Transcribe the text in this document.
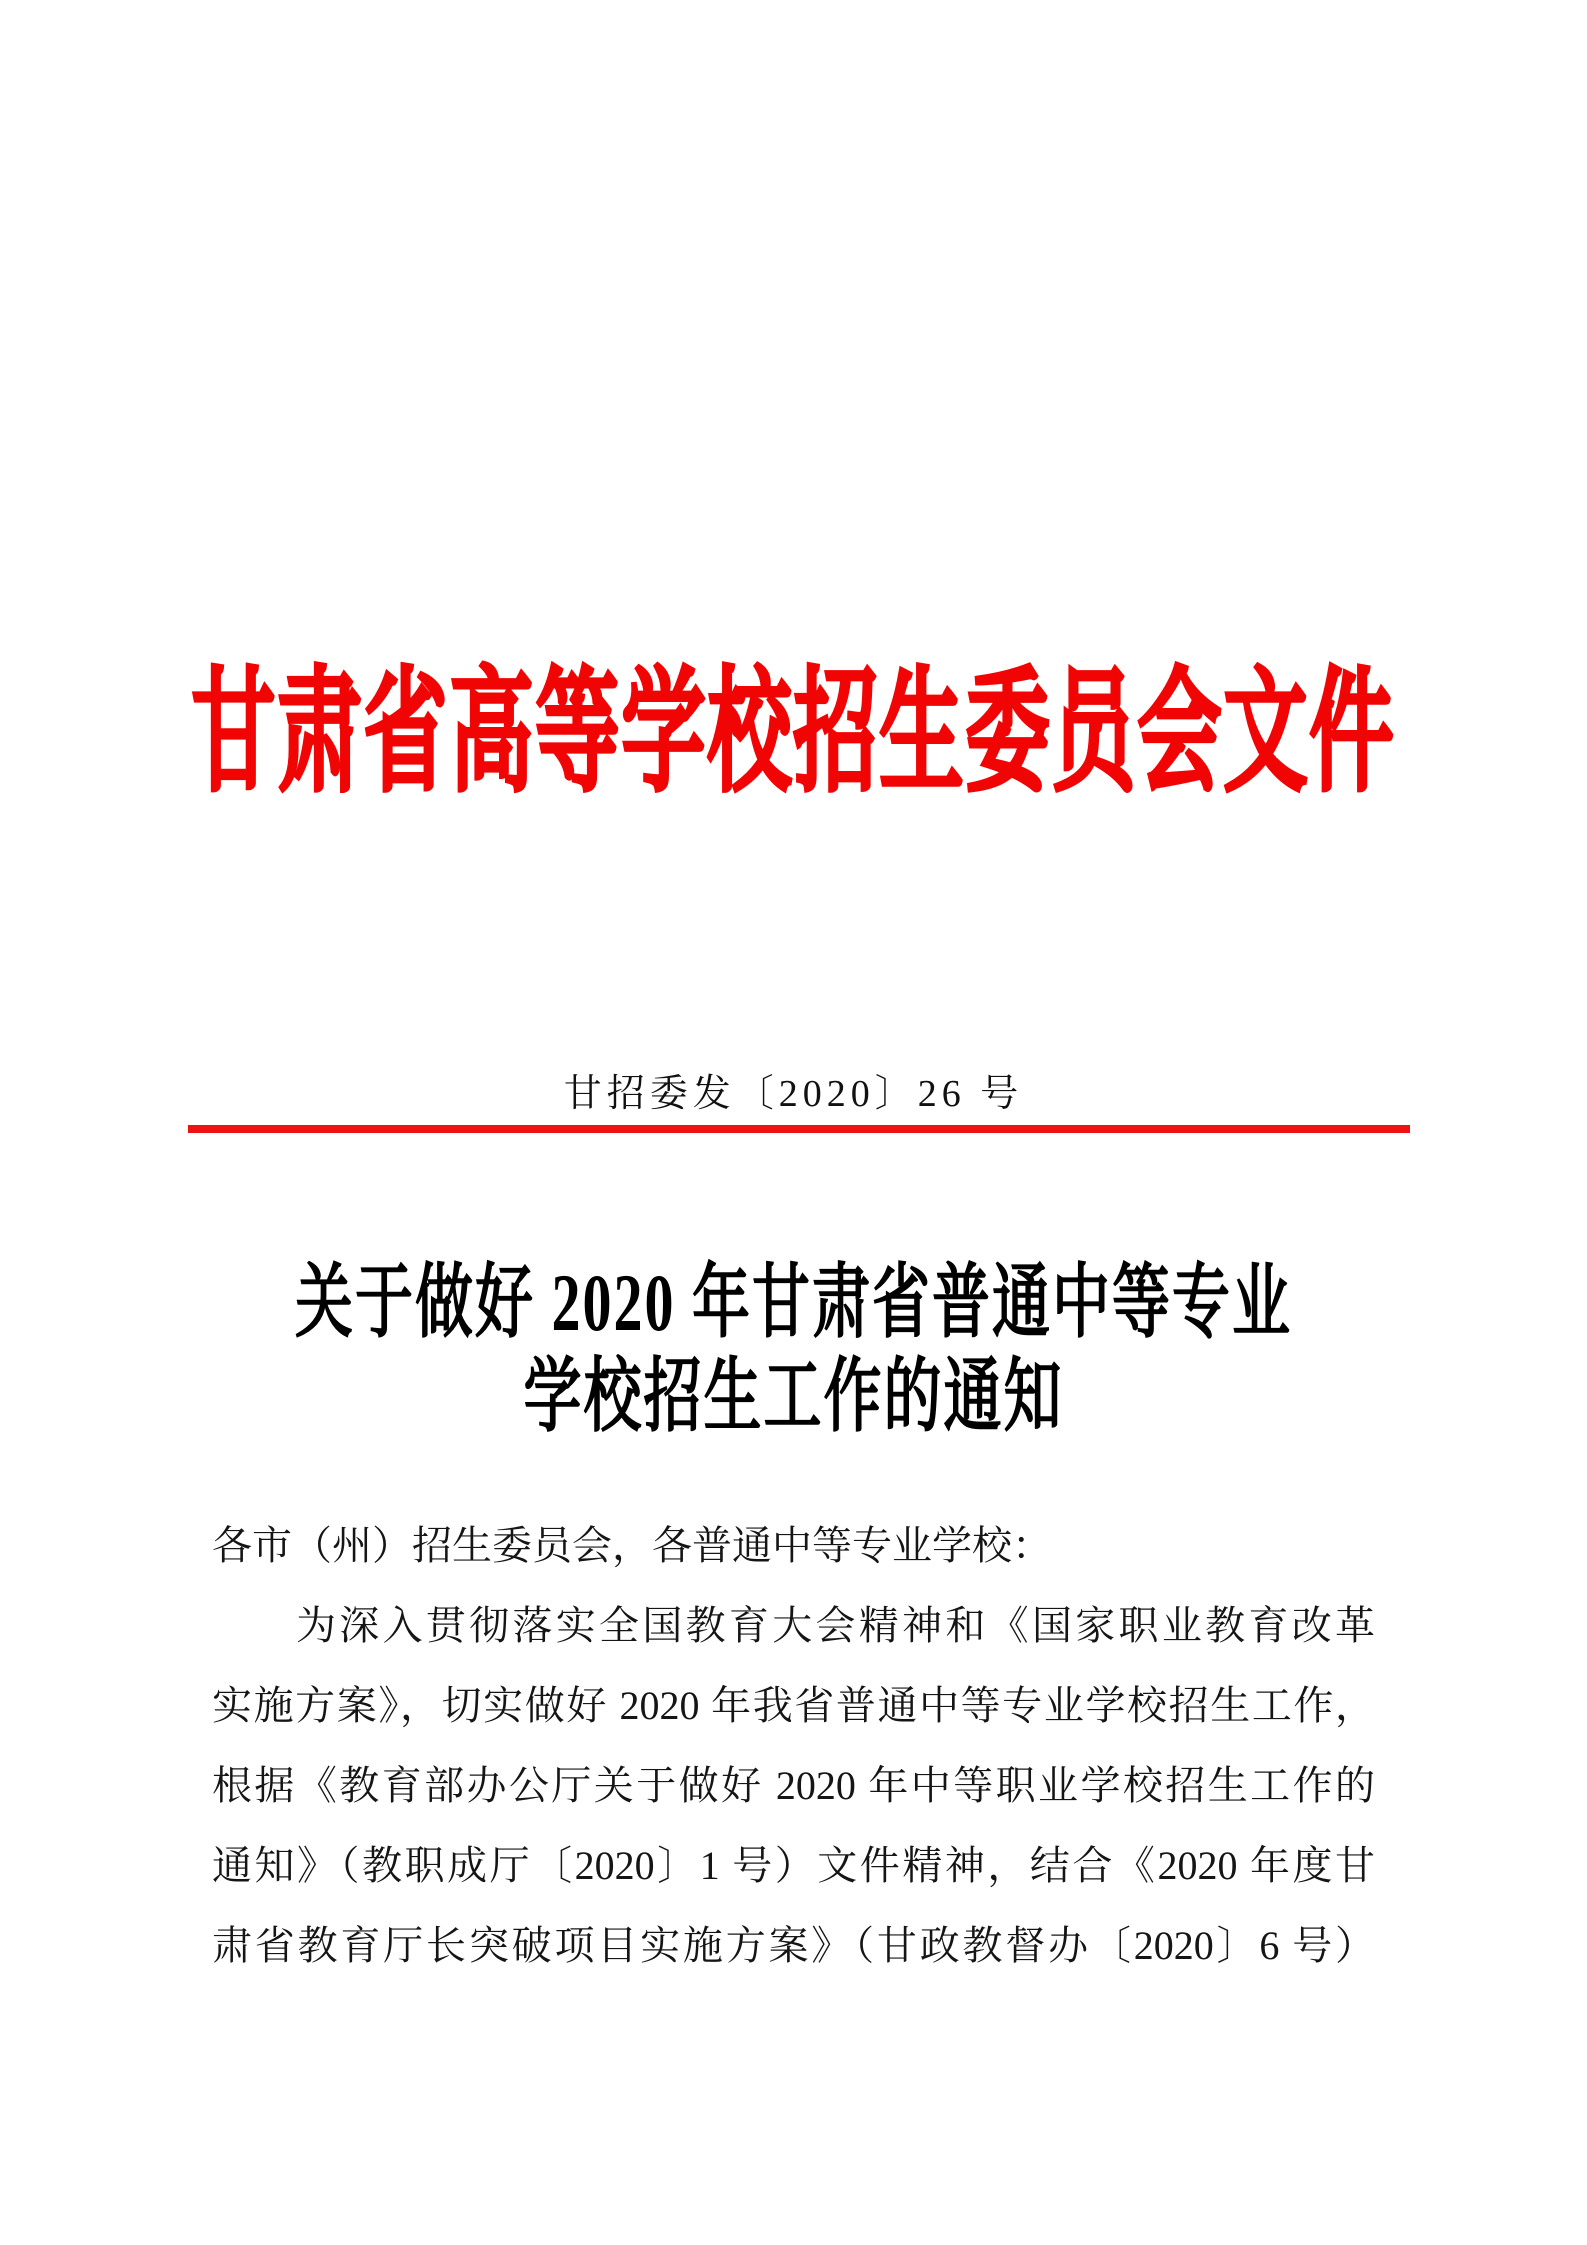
甘肃省高等学校招生委员会文件
甘招委发〔2020〕26 号
关于做好 2020 年甘肃省普通中等专业
学校招生工作的通知
各市（州）招生委员会，各普通中等专业学校：
为深入贯彻落实全国教育大会精神和《国家职业教育改革
实施方案》，切实做好 2020 年我省普通中等专业学校招生工作，
根据《教育部办公厅关于做好 2020 年中等职业学校招生工作的
通知》（教职成厅〔2020〕1 号）文件精神，结合《2020 年度甘
肃省教育厅长突破项目实施方案》（甘政教督办〔2020〕6 号）
